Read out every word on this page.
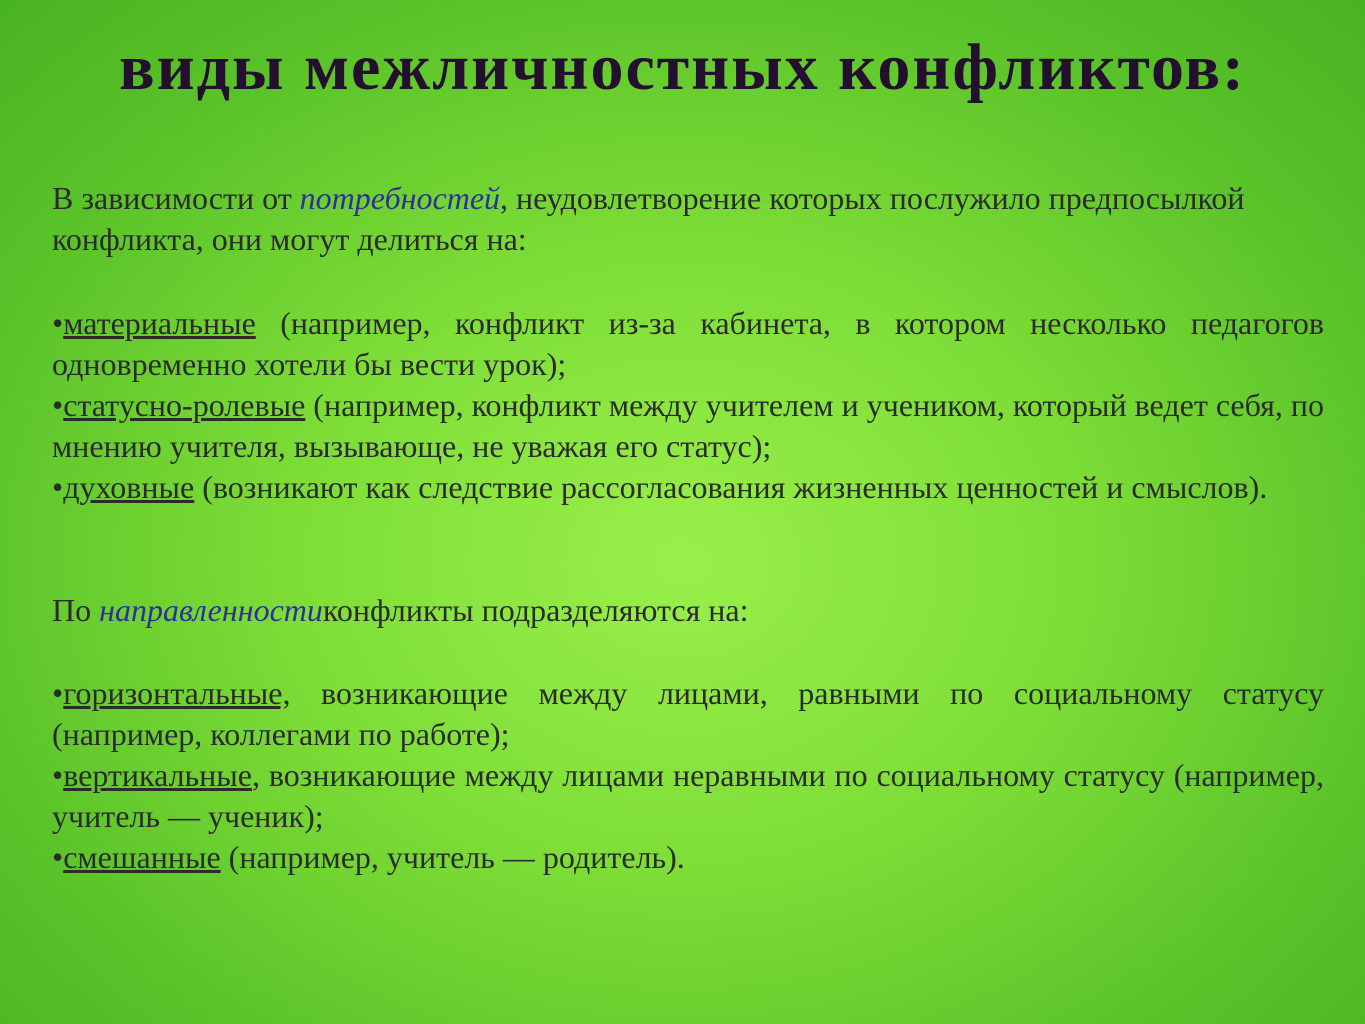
виды межличностных конфликтов:
В зависимости от потребностей, неудовлетворение которых послужило предпосылкой конфликта, они могут делиться на:
•материальные (например, конфликт из-за кабинета, в котором несколько педагогов одновременно хотели бы вести урок);
•статусно-ролевые (например, конфликт между учителем и учеником, который ведет себя, по мнению учителя, вызывающе, не уважая его статус);
•духовные (возникают как следствие рассогласования жизненных ценностей и смыслов).
По направленностиконфликты подразделяются на:
•горизонтальные, возникающие между лицами, равными по социальному статусу (например, коллегами по работе);
•вертикальные, возникающие между лицами неравными по социальному статусу (например, учитель — ученик);
•смешанные (например, учитель — родитель).
